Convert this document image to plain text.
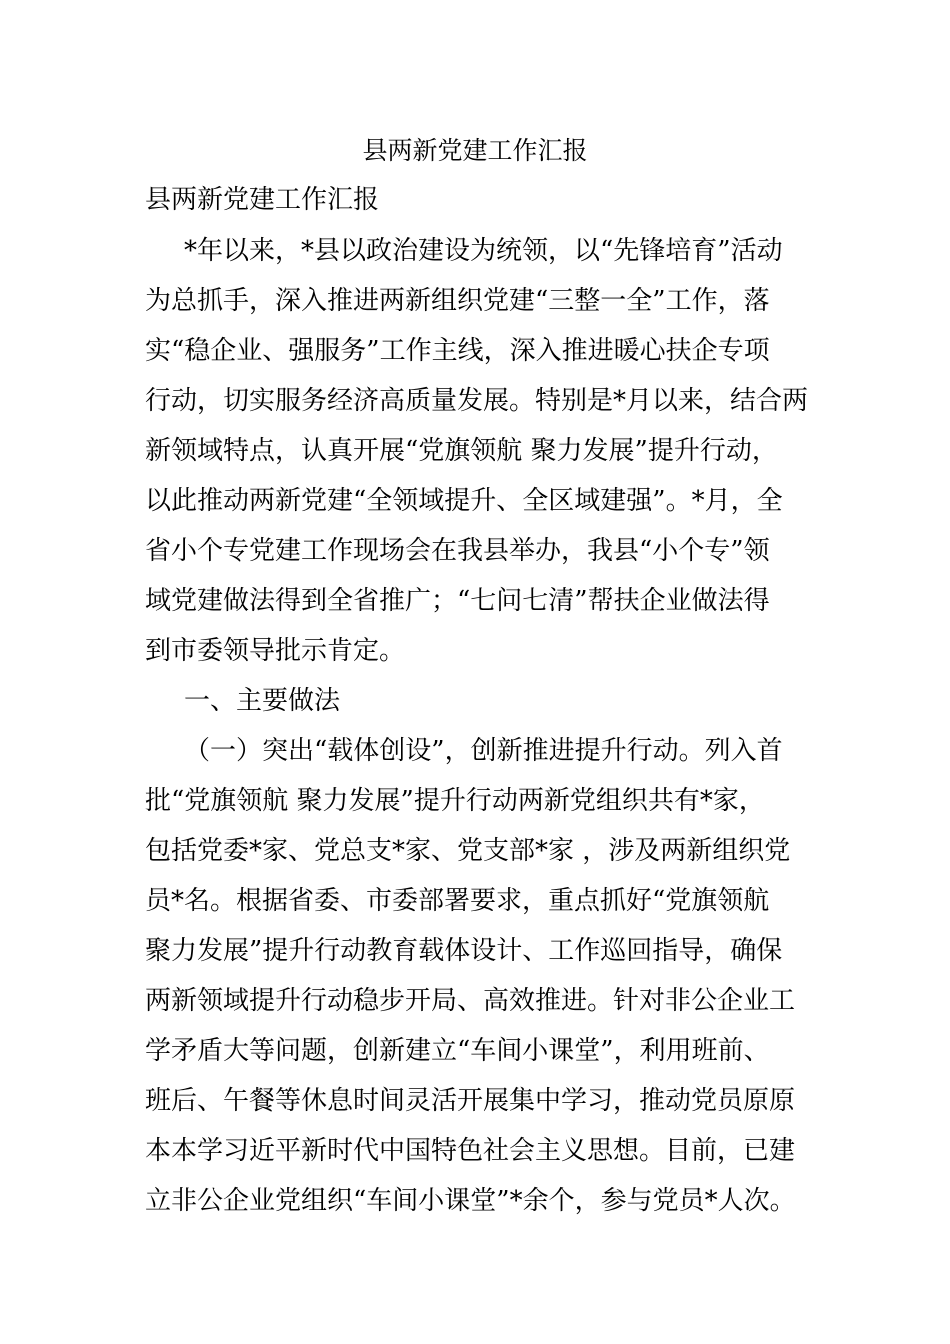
县两新党建工作汇报
县两新党建工作汇报
*年以来，*县以政治建设为统领，以“先锋培育”活动
为总抓手，深入推进两新组织党建“三整一全”工作，落
实“稳企业、强服务”工作主线，深入推进暖心扶企专项
行动，切实服务经济高质量发展。特别是*月以来，结合两
新领域特点，认真开展“党旗领航 聚力发展”提升行动，
以此推动两新党建“全领域提升、全区域建强”。*月，全
省小个专党建工作现场会在我县举办，我县“小个专”领
域党建做法得到全省推广；“七问七清”帮扶企业做法得
到市委领导批示肯定。
一、主要做法
（一）突出“载体创设”，创新推进提升行动。列入首
批“党旗领航 聚力发展”提升行动两新党组织共有*家，
包括党委*家、党总支*家、党支部*家 ，涉及两新组织党
员*名。根据省委、市委部署要求，重点抓好“党旗领航
聚力发展”提升行动教育载体设计、工作巡回指导，确保
两新领域提升行动稳步开局、高效推进。针对非公企业工
学矛盾大等问题，创新建立“车间小课堂”，利用班前、
班后、午餐等休息时间灵活开展集中学习，推动党员原原
本本学习近平新时代中国特色社会主义思想。目前，已建
立非公企业党组织“车间小课堂”*余个，参与党员*人次。
